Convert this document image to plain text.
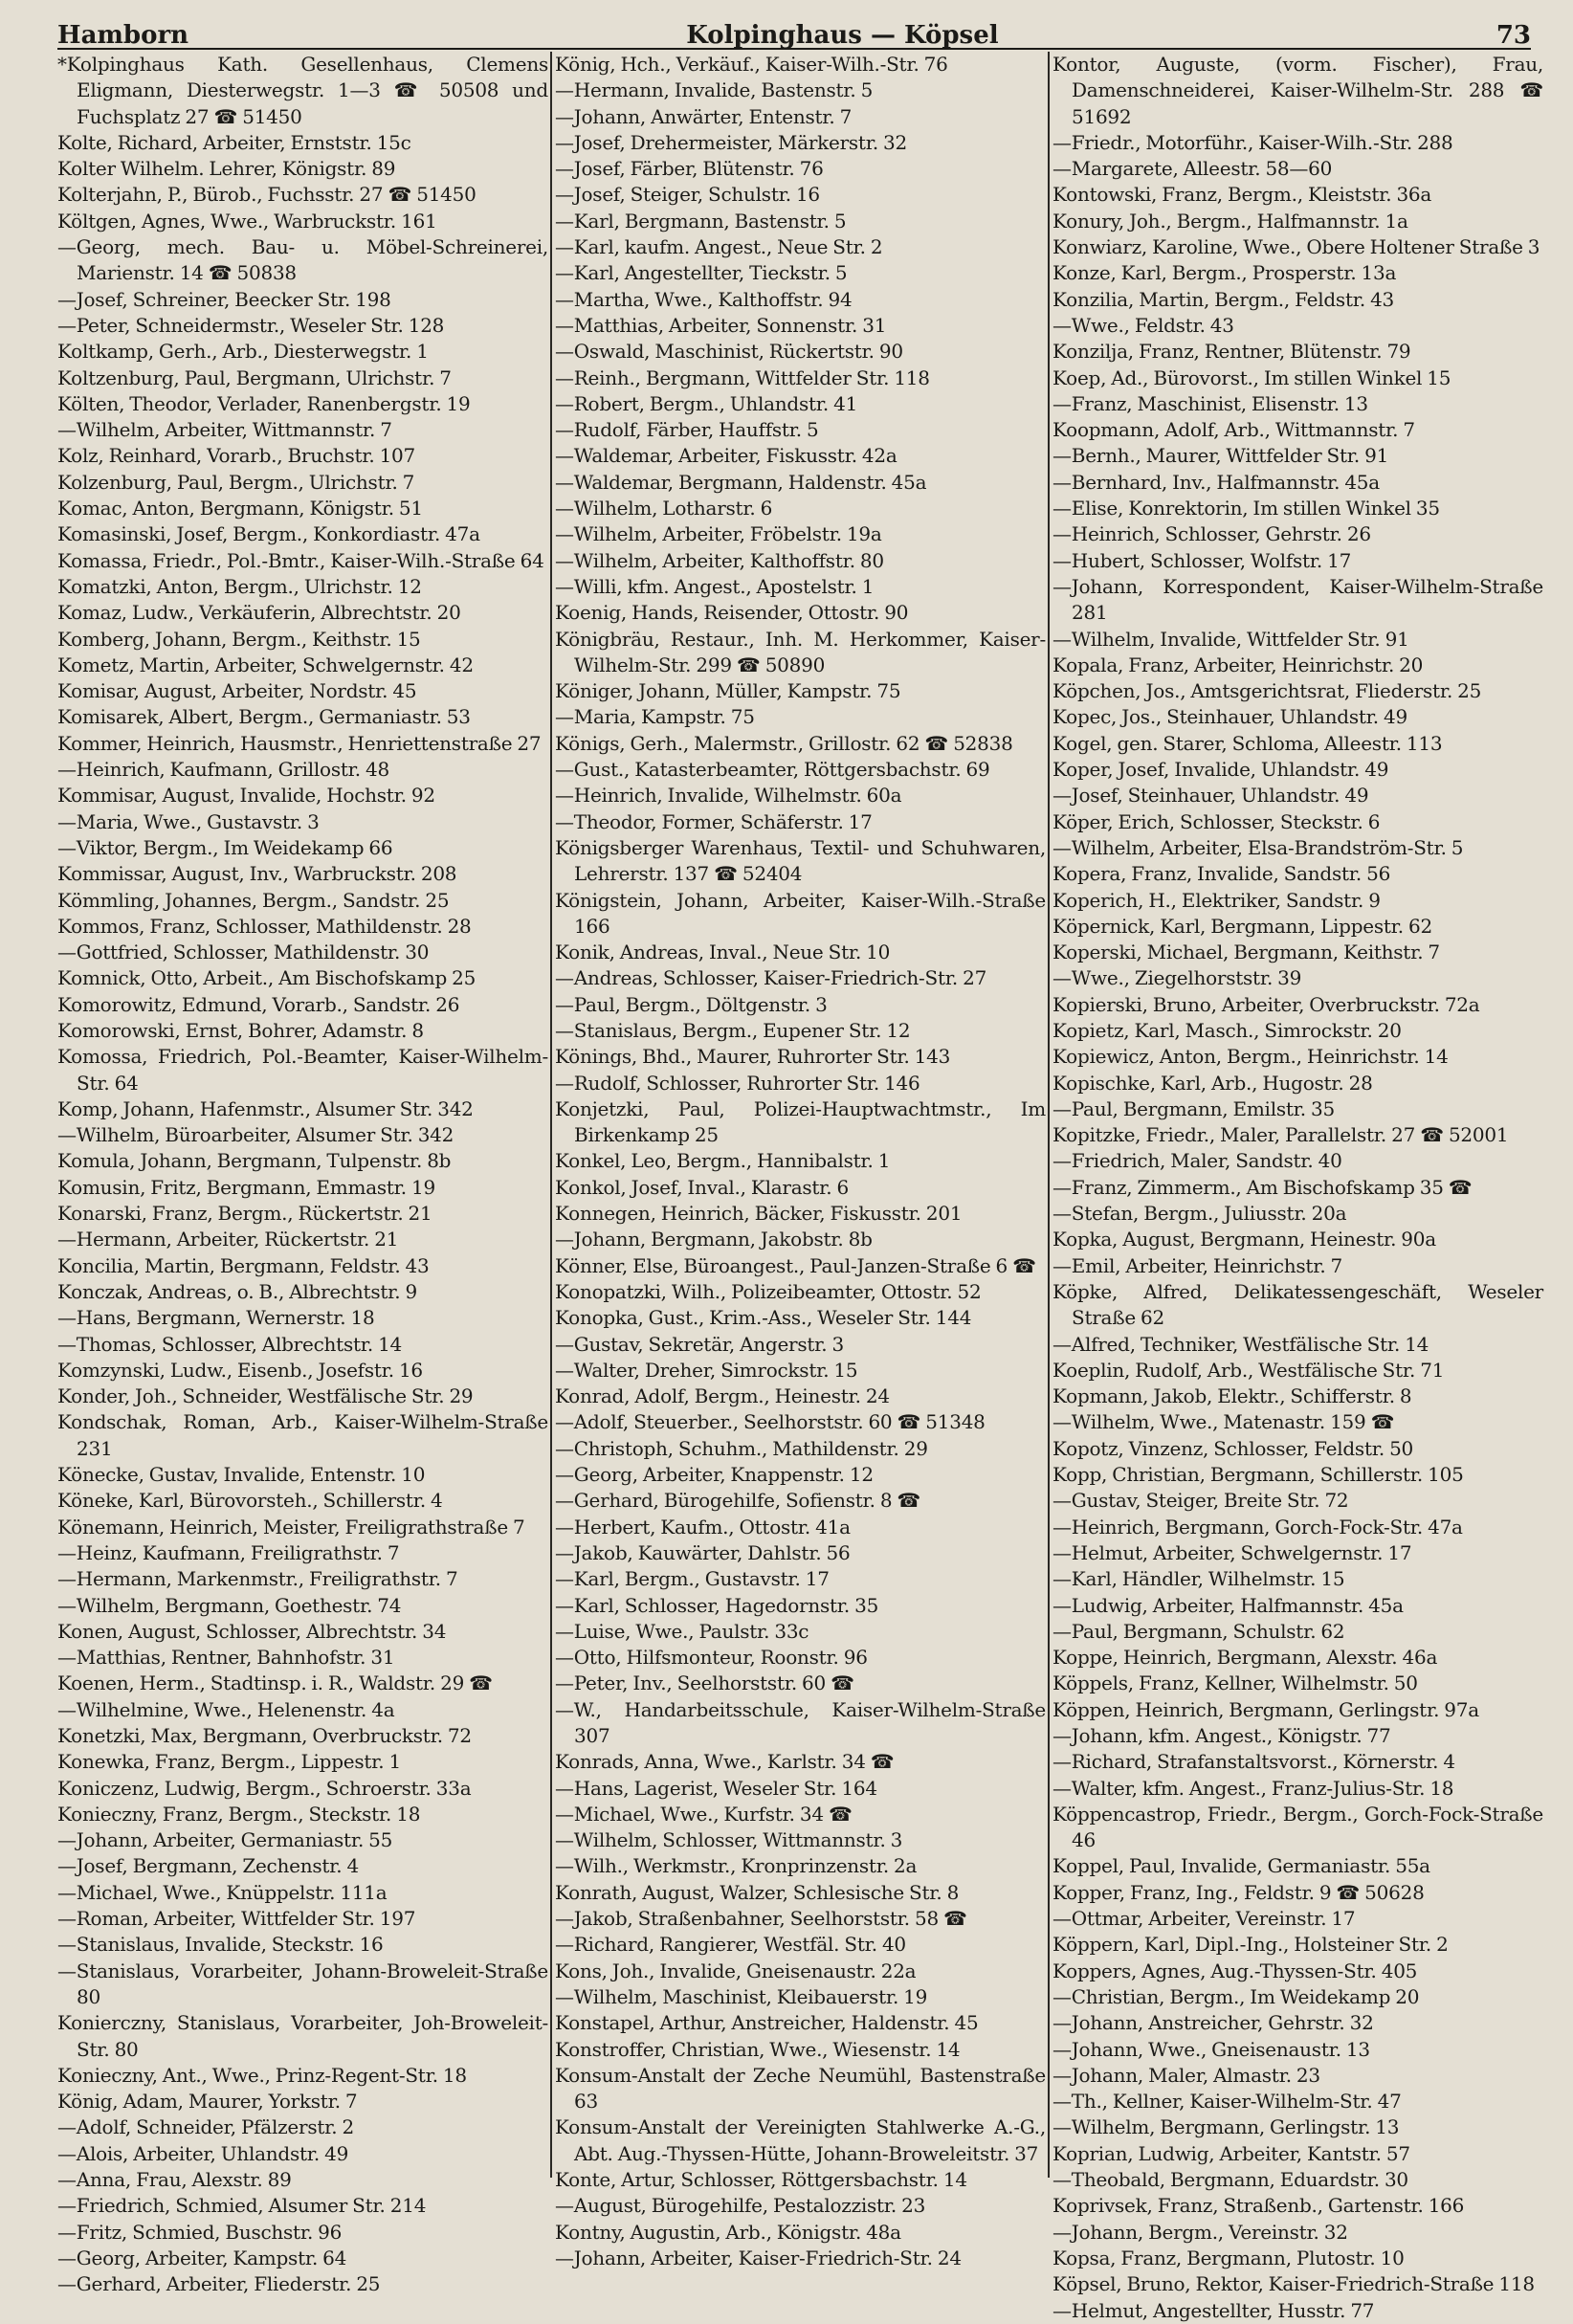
Hamborn	Kolpinghaus — Köpsel	73
*Kolpinghaus Kath. Gesellenhaus, Clemens Eligmann, Diesterwegstr. 1—3 ☎ 50508 und Fuchsplatz 27 ☎ 51450
Kolte, Richard, Arbeiter, Ernststr. 15c
Kolter Wilhelm. Lehrer, Königstr. 89
Kolterjahn, P., Bürob., Fuchsstr. 27 ☎ 51450
Költgen, Agnes, Wwe., Warbruckstr. 161
—Georg, mech. Bau- u. Möbel-Schreinerei, Marienstr. 14 ☎ 50838
—Josef, Schreiner, Beecker Str. 198
—Peter, Schneidermstr., Weseler Str. 128
Koltkamp, Gerh., Arb., Diesterwegstr. 1
Koltzenburg, Paul, Bergmann, Ulrichstr. 7
Költen, Theodor, Verlader, Ranenbergstr. 19
—Wilhelm, Arbeiter, Wittmannstr. 7
Kolz, Reinhard, Vorarb., Bruchstr. 107
Kolzenburg, Paul, Bergm., Ulrichstr. 7
Komac, Anton, Bergmann, Königstr. 51
Komasinski, Josef, Bergm., Konkordiastr. 47a
Komassa, Friedr., Pol.-Bmtr., Kaiser-Wilh.-Straße 64
Komatzki, Anton, Bergm., Ulrichstr. 12
Komaz, Ludw., Verkäuferin, Albrechtstr. 20
Komberg, Johann, Bergm., Keithstr. 15
Kometz, Martin, Arbeiter, Schwelgernstr. 42
Komisar, August, Arbeiter, Nordstr. 45
Komisarek, Albert, Bergm., Germaniastr. 53
Kommer, Heinrich, Hausmstr., Henriettenstraße 27
—Heinrich, Kaufmann, Grillostr. 48
Kommisar, August, Invalide, Hochstr. 92
—Maria, Wwe., Gustavstr. 3
—Viktor, Bergm., Im Weidekamp 66
Kommissar, August, Inv., Warbruckstr. 208
Kömmling, Johannes, Bergm., Sandstr. 25
Kommos, Franz, Schlosser, Mathildenstr. 28
—Gottfried, Schlosser, Mathildenstr. 30
Komnick, Otto, Arbeit., Am Bischofskamp 25
Komorowitz, Edmund, Vorarb., Sandstr. 26
Komorowski, Ernst, Bohrer, Adamstr. 8
Komossa, Friedrich, Pol.-Beamter, Kaiser-Wilhelm-Str. 64
Komp, Johann, Hafenmstr., Alsumer Str. 342
—Wilhelm, Büroarbeiter, Alsumer Str. 342
Komula, Johann, Bergmann, Tulpenstr. 8b
Komusin, Fritz, Bergmann, Emmastr. 19
Konarski, Franz, Bergm., Rückertstr. 21
—Hermann, Arbeiter, Rückertstr. 21
Koncilia, Martin, Bergmann, Feldstr. 43
Konczak, Andreas, o. B., Albrechtstr. 9
—Hans, Bergmann, Wernerstr. 18
—Thomas, Schlosser, Albrechtstr. 14
Komzynski, Ludw., Eisenb., Josefstr. 16
Konder, Joh., Schneider, Westfälische Str. 29
Kondschak, Roman, Arb., Kaiser-Wilhelm-Straße 231
Könecke, Gustav, Invalide, Entenstr. 10
Köneke, Karl, Bürovorsteh., Schillerstr. 4
Könemann, Heinrich, Meister, Freiligrathstraße 7
—Heinz, Kaufmann, Freiligrathstr. 7
—Hermann, Markenmstr., Freiligrathstr. 7
—Wilhelm, Bergmann, Goethestr. 74
Konen, August, Schlosser, Albrechtstr. 34
—Matthias, Rentner, Bahnhofstr. 31
Koenen, Herm., Stadtinsp. i. R., Waldstr. 29 ☎
—Wilhelmine, Wwe., Helenenstr. 4a
Konetzki, Max, Bergmann, Overbruckstr. 72
Konewka, Franz, Bergm., Lippestr. 1
Koniczenz, Ludwig, Bergm., Schroerstr. 33a
Konieczny, Franz, Bergm., Steckstr. 18
—Johann, Arbeiter, Germaniastr. 55
—Josef, Bergmann, Zechenstr. 4
—Michael, Wwe., Knüppelstr. 111a
—Roman, Arbeiter, Wittfelder Str. 197
—Stanislaus, Invalide, Steckstr. 16
—Stanislaus, Vorarbeiter, Johann-Broweleit-Straße 80
Konierczny, Stanislaus, Vorarbeiter, Joh-Broweleit-Str. 80
Konieczny, Ant., Wwe., Prinz-Regent-Str. 18
König, Adam, Maurer, Yorkstr. 7
—Adolf, Schneider, Pfälzerstr. 2
—Alois, Arbeiter, Uhlandstr. 49
—Anna, Frau, Alexstr. 89
—Friedrich, Schmied, Alsumer Str. 214
—Fritz, Schmied, Buschstr. 96
—Georg, Arbeiter, Kampstr. 64
—Gerhard, Arbeiter, Fliederstr. 25
König, Hch., Verkäuf., Kaiser-Wilh.-Str. 76
—Hermann, Invalide, Bastenstr. 5
—Johann, Anwärter, Entenstr. 7
—Josef, Drehermeister, Märkerstr. 32
—Josef, Färber, Blütenstr. 76
—Josef, Steiger, Schulstr. 16
—Karl, Bergmann, Bastenstr. 5
—Karl, kaufm. Angest., Neue Str. 2
—Karl, Angestellter, Tieckstr. 5
—Martha, Wwe., Kalthoffstr. 94
—Matthias, Arbeiter, Sonnenstr. 31
—Oswald, Maschinist, Rückertstr. 90
—Reinh., Bergmann, Wittfelder Str. 118
—Robert, Bergm., Uhlandstr. 41
—Rudolf, Färber, Hauffstr. 5
—Waldemar, Arbeiter, Fiskusstr. 42a
—Waldemar, Bergmann, Haldenstr. 45a
—Wilhelm, Lotharstr. 6
—Wilhelm, Arbeiter, Fröbelstr. 19a
—Wilhelm, Arbeiter, Kalthoffstr. 80
—Willi, kfm. Angest., Apostelstr. 1
Koenig, Hands, Reisender, Ottostr. 90
Königbräu, Restaur., Inh. M. Herkommer, Kaiser-Wilhelm-Str. 299 ☎ 50890
Königer, Johann, Müller, Kampstr. 75
—Maria, Kampstr. 75
Königs, Gerh., Malermstr., Grillostr. 62 ☎ 52838
—Gust., Katasterbeamter, Röttgersbachstr. 69
—Heinrich, Invalide, Wilhelmstr. 60a
—Theodor, Former, Schäferstr. 17
Königsberger Warenhaus, Textil- und Schuhwaren, Lehrerstr. 137 ☎ 52404
Königstein, Johann, Arbeiter, Kaiser-Wilh.-Straße 166
Konik, Andreas, Inval., Neue Str. 10
—Andreas, Schlosser, Kaiser-Friedrich-Str. 27
—Paul, Bergm., Döltgenstr. 3
—Stanislaus, Bergm., Eupener Str. 12
Könings, Bhd., Maurer, Ruhrorter Str. 143
—Rudolf, Schlosser, Ruhrorter Str. 146
Konjetzki, Paul, Polizei-Hauptwachtmstr., Im Birkenkamp 25
Konkel, Leo, Bergm., Hannibalstr. 1
Konkol, Josef, Inval., Klarastr. 6
Konnegen, Heinrich, Bäcker, Fiskusstr. 201
—Johann, Bergmann, Jakobstr. 8b
Könner, Else, Büroangest., Paul-Janzen-Straße 6 ☎
Konopatzki, Wilh., Polizeibeamter, Ottostr. 52
Konopka, Gust., Krim.-Ass., Weseler Str. 144
—Gustav, Sekretär, Angerstr. 3
—Walter, Dreher, Simrockstr. 15
Konrad, Adolf, Bergm., Heinestr. 24
—Adolf, Steuerber., Seelhorststr. 60 ☎ 51348
—Christoph, Schuhm., Mathildenstr. 29
—Georg, Arbeiter, Knappenstr. 12
—Gerhard, Bürogehilfe, Sofienstr. 8 ☎
—Herbert, Kaufm., Ottostr. 41a
—Jakob, Kauwärter, Dahlstr. 56
—Karl, Bergm., Gustavstr. 17
—Karl, Schlosser, Hagedornstr. 35
—Luise, Wwe., Paulstr. 33c
—Otto, Hilfsmonteur, Roonstr. 96
—Peter, Inv., Seelhorststr. 60 ☎
—W., Handarbeitsschule, Kaiser-Wilhelm-Straße 307
Konrads, Anna, Wwe., Karlstr. 34 ☎
—Hans, Lagerist, Weseler Str. 164
—Michael, Wwe., Kurfstr. 34 ☎
—Wilhelm, Schlosser, Wittmannstr. 3
—Wilh., Werkmstr., Kronprinzenstr. 2a
Konrath, August, Walzer, Schlesische Str. 8
—Jakob, Straßenbahner, Seelhorststr. 58 ☎
—Richard, Rangierer, Westfäl. Str. 40
Kons, Joh., Invalide, Gneisenaustr. 22a
—Wilhelm, Maschinist, Kleibauerstr. 19
Konstapel, Arthur, Anstreicher, Haldenstr. 45
Konstroffer, Christian, Wwe., Wiesenstr. 14
Konsum-Anstalt der Zeche Neumühl, Bastenstraße 63
Konsum-Anstalt der Vereinigten Stahlwerke A.-G., Abt. Aug.-Thyssen-Hütte, Johann-Broweleitstr. 37
Konte, Artur, Schlosser, Röttgersbachstr. 14
—August, Bürogehilfe, Pestalozzistr. 23
Kontny, Augustin, Arb., Königstr. 48a
—Johann, Arbeiter, Kaiser-Friedrich-Str. 24
Kontor, Auguste, (vorm. Fischer), Frau, Damenschneiderei, Kaiser-Wilhelm-Str. 288 ☎ 51692
—Friedr., Motorführ., Kaiser-Wilh.-Str. 288
—Margarete, Alleestr. 58—60
Kontowski, Franz, Bergm., Kleiststr. 36a
Konury, Joh., Bergm., Halfmannstr. 1a
Konwiarz, Karoline, Wwe., Obere Holtener Straße 3
Konze, Karl, Bergm., Prosperstr. 13a
Konzilia, Martin, Bergm., Feldstr. 43
—Wwe., Feldstr. 43
Konzilja, Franz, Rentner, Blütenstr. 79
Koep, Ad., Bürovorst., Im stillen Winkel 15
—Franz, Maschinist, Elisenstr. 13
Koopmann, Adolf, Arb., Wittmannstr. 7
—Bernh., Maurer, Wittfelder Str. 91
—Bernhard, Inv., Halfmannstr. 45a
—Elise, Konrektorin, Im stillen Winkel 35
—Heinrich, Schlosser, Gehrstr. 26
—Hubert, Schlosser, Wolfstr. 17
—Johann, Korrespondent, Kaiser-Wilhelm-Straße 281
—Wilhelm, Invalide, Wittfelder Str. 91
Kopala, Franz, Arbeiter, Heinrichstr. 20
Köpchen, Jos., Amtsgerichtsrat, Fliederstr. 25
Kopec, Jos., Steinhauer, Uhlandstr. 49
Kogel, gen. Starer, Schloma, Alleestr. 113
Koper, Josef, Invalide, Uhlandstr. 49
—Josef, Steinhauer, Uhlandstr. 49
Köper, Erich, Schlosser, Steckstr. 6
—Wilhelm, Arbeiter, Elsa-Brandström-Str. 5
Kopera, Franz, Invalide, Sandstr. 56
Koperich, H., Elektriker, Sandstr. 9
Köpernick, Karl, Bergmann, Lippestr. 62
Koperski, Michael, Bergmann, Keithstr. 7
—Wwe., Ziegelhorststr. 39
Kopierski, Bruno, Arbeiter, Overbruckstr. 72a
Kopietz, Karl, Masch., Simrockstr. 20
Kopiewicz, Anton, Bergm., Heinrichstr. 14
Kopischke, Karl, Arb., Hugostr. 28
—Paul, Bergmann, Emilstr. 35
Kopitzke, Friedr., Maler, Parallelstr. 27 ☎ 52001
—Friedrich, Maler, Sandstr. 40
—Franz, Zimmerm., Am Bischofskamp 35 ☎
—Stefan, Bergm., Juliusstr. 20a
Kopka, August, Bergmann, Heinestr. 90a
—Emil, Arbeiter, Heinrichstr. 7
Köpke, Alfred, Delikatessengeschäft, Weseler Straße 62
—Alfred, Techniker, Westfälische Str. 14
Koeplin, Rudolf, Arb., Westfälische Str. 71
Kopmann, Jakob, Elektr., Schifferstr. 8
—Wilhelm, Wwe., Matenastr. 159 ☎
Kopotz, Vinzenz, Schlosser, Feldstr. 50
Kopp, Christian, Bergmann, Schillerstr. 105
—Gustav, Steiger, Breite Str. 72
—Heinrich, Bergmann, Gorch-Fock-Str. 47a
—Helmut, Arbeiter, Schwelgernstr. 17
—Karl, Händler, Wilhelmstr. 15
—Ludwig, Arbeiter, Halfmannstr. 45a
—Paul, Bergmann, Schulstr. 62
Koppe, Heinrich, Bergmann, Alexstr. 46a
Köppels, Franz, Kellner, Wilhelmstr. 50
Köppen, Heinrich, Bergmann, Gerlingstr. 97a
—Johann, kfm. Angest., Königstr. 77
—Richard, Strafanstaltsvorst., Körnerstr. 4
—Walter, kfm. Angest., Franz-Julius-Str. 18
Köppencastrop, Friedr., Bergm., Gorch-Fock-Straße 46
Koppel, Paul, Invalide, Germaniastr. 55a
Kopper, Franz, Ing., Feldstr. 9 ☎ 50628
—Ottmar, Arbeiter, Vereinstr. 17
Köppern, Karl, Dipl.-Ing., Holsteiner Str. 2
Koppers, Agnes, Aug.-Thyssen-Str. 405
—Christian, Bergm., Im Weidekamp 20
—Johann, Anstreicher, Gehrstr. 32
—Johann, Wwe., Gneisenaustr. 13
—Johann, Maler, Almastr. 23
—Th., Kellner, Kaiser-Wilhelm-Str. 47
—Wilhelm, Bergmann, Gerlingstr. 13
Koprian, Ludwig, Arbeiter, Kantstr. 57
—Theobald, Bergmann, Eduardstr. 30
Koprivsek, Franz, Straßenb., Gartenstr. 166
—Johann, Bergm., Vereinstr. 32
Kopsa, Franz, Bergmann, Plutostr. 10
Köpsel, Bruno, Rektor, Kaiser-Friedrich-Straße 118
—Helmut, Angestellter, Husstr. 77
